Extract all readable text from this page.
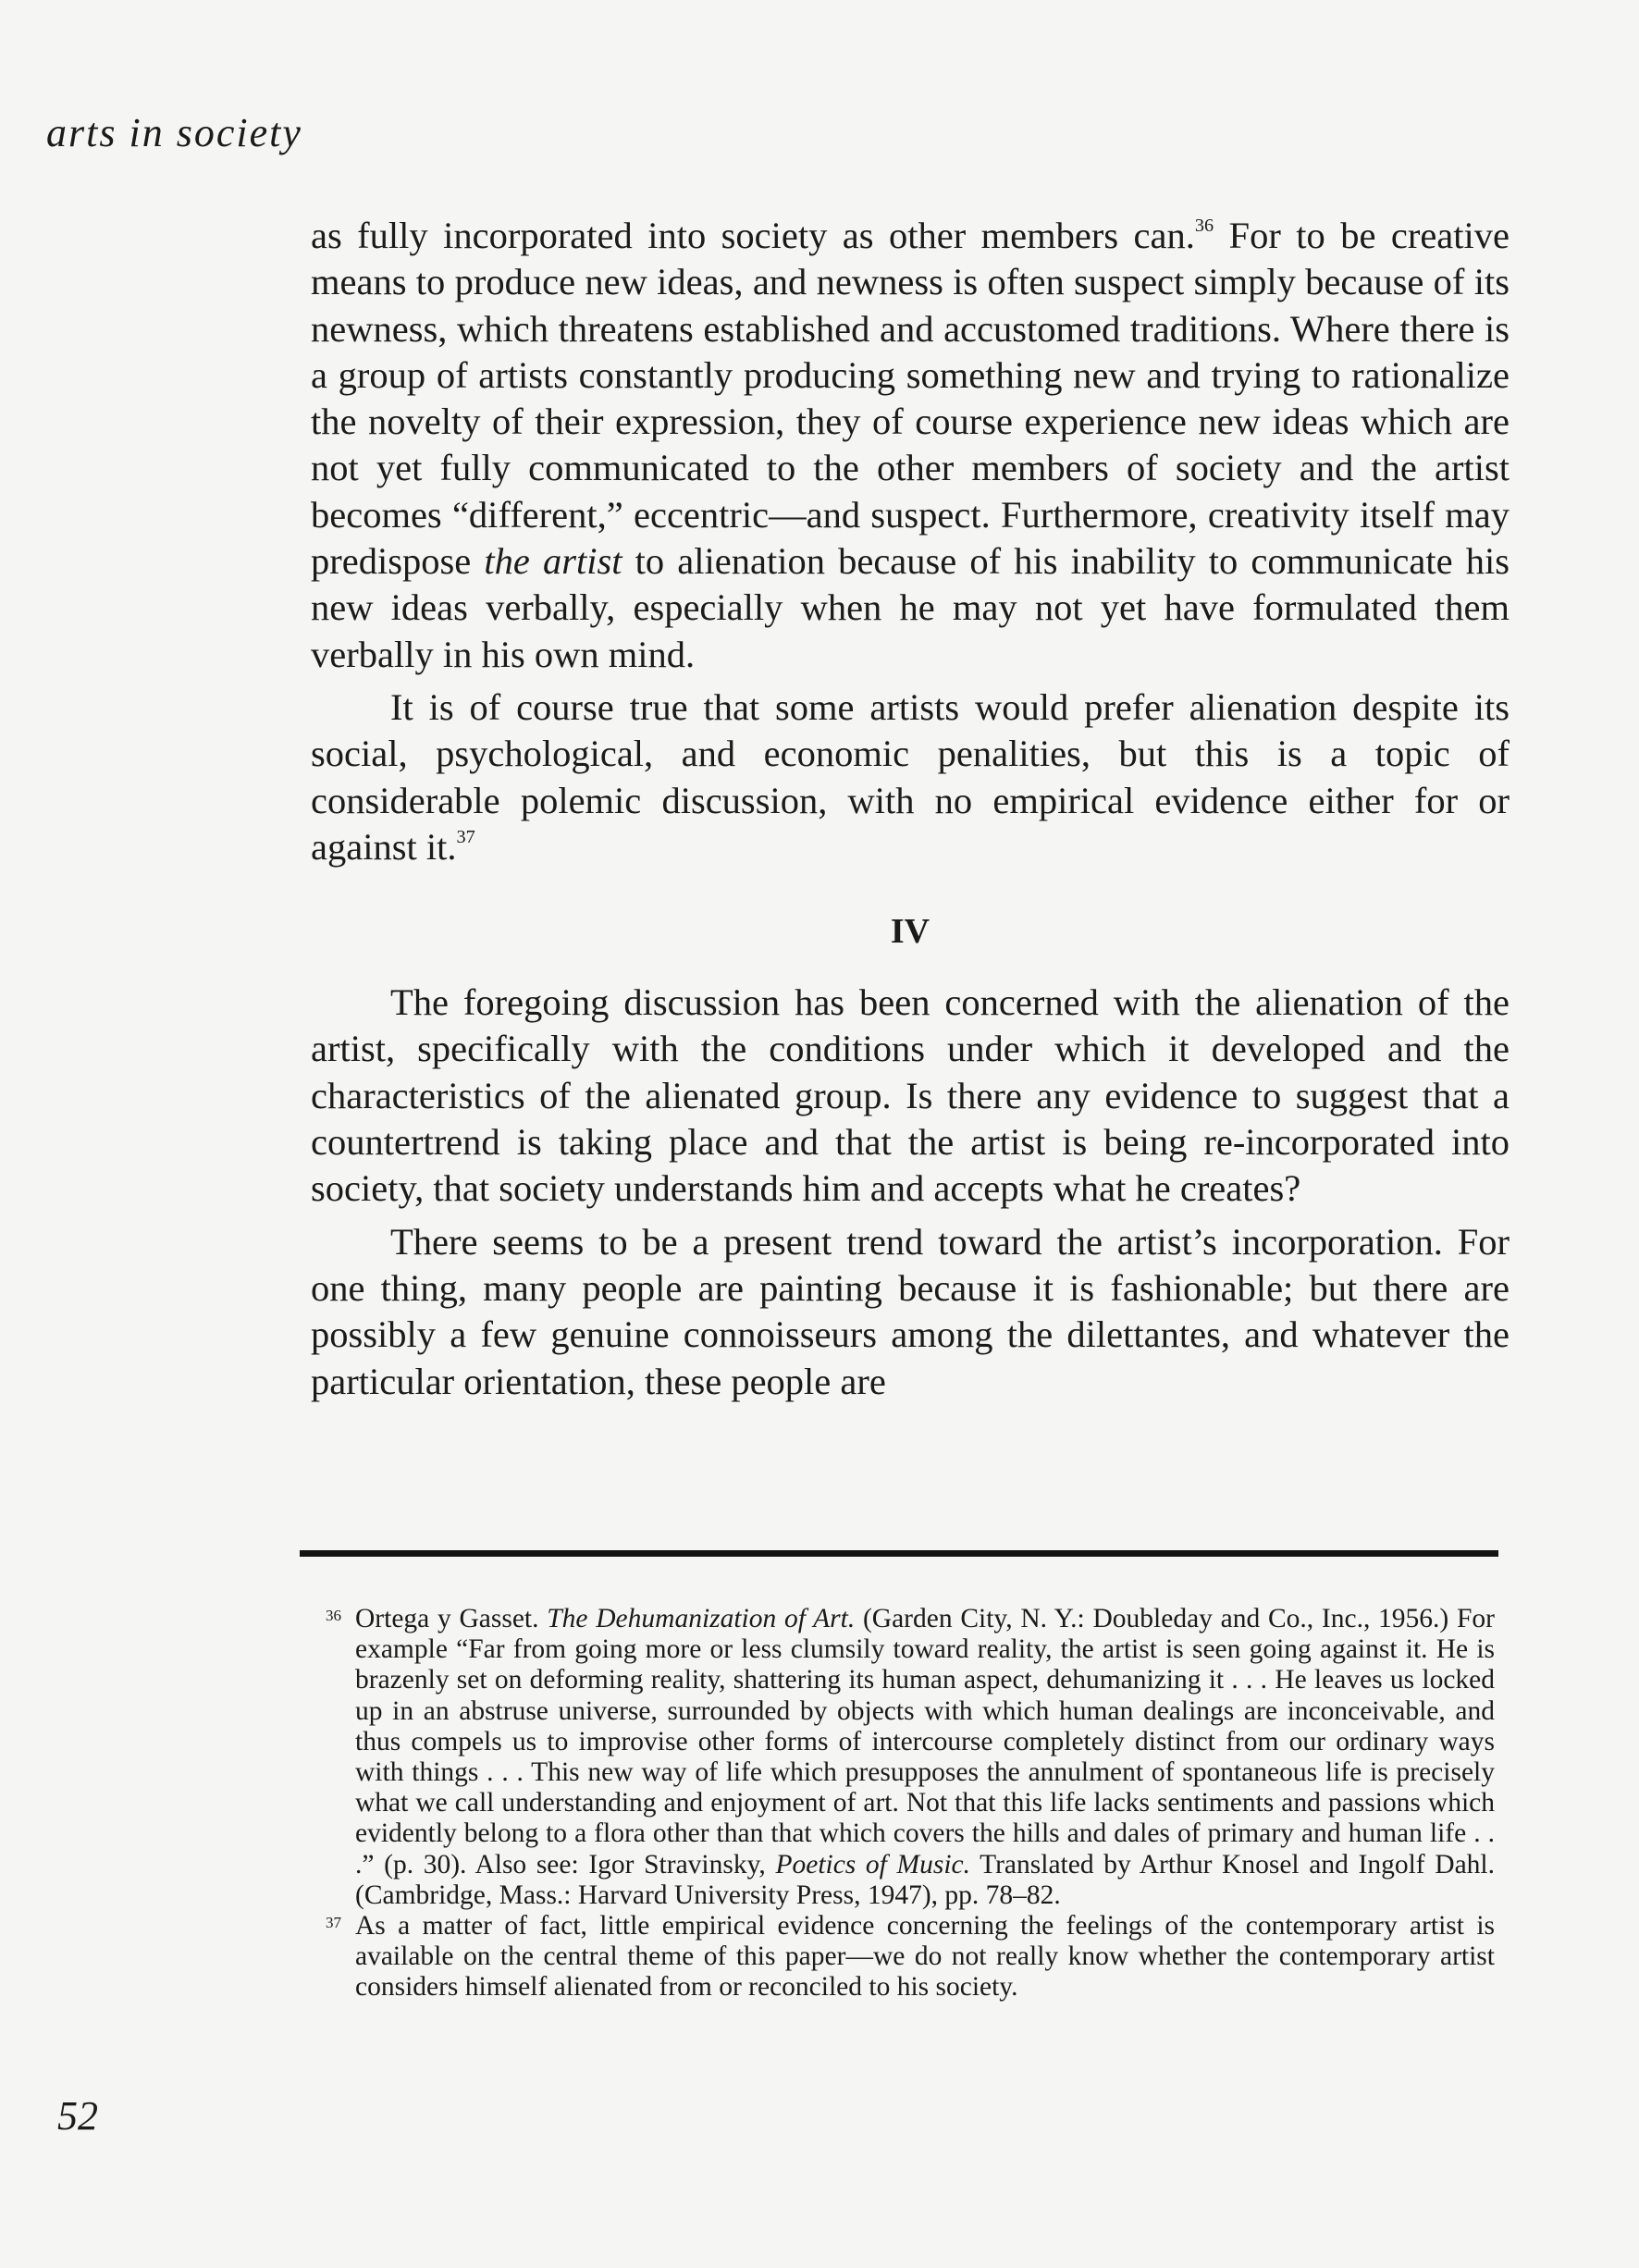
arts in society

as fully incorporated into society as other members can.$^{36}$ For to be creative means to produce new ideas, and newness is often suspect simply because of its newness, which threatens established and accustomed traditions. Where there is a group of artists constantly producing something new and trying to rationalize the novelty of their expression, they of course experience new ideas which are not yet fully communicated to the other members of society and the artist becomes “different,” eccentric—and suspect. Furthermore, creativity itself may predispose the artist to alienation because of his inability to communicate his new ideas verbally, especially when he may not yet have formulated them verbally in his own mind.

It is of course true that some artists would prefer alienation despite its social, psychological, and economic penalities, but this is a topic of considerable polemic discussion, with no empirical evidence either for or against it.$^{37}$

IV

The foregoing discussion has been concerned with the alienation of the artist, specifically with the conditions under which it developed and the characteristics of the alienated group. Is there any evidence to suggest that a countertrend is taking place and that the artist is being re-incorporated into society, that society understands him and accepts what he creates?

There seems to be a present trend toward the artist’s incorporation. For one thing, many people are painting because it is fashionable; but there are possibly a few genuine connoisseurs among the dilettantes, and whatever the particular orientation, these people are

36 Ortega y Gasset. The Dehumanization of Art. (Garden City, N. Y.: Doubleday and Co., Inc., 1956.) For example “Far from going more or less clumsily toward reality, the artist is seen going against it. He is brazenly set on deforming reality, shattering its human aspect, dehumanizing it . . . He leaves us locked up in an abstruse universe, surrounded by objects with which human dealings are inconceivable, and thus compels us to improvise other forms of intercourse completely distinct from our ordinary ways with things . . . This new way of life which presupposes the annulment of spontaneous life is precisely what we call understanding and enjoyment of art. Not that this life lacks sentiments and passions which evidently belong to a flora other than that which covers the hills and dales of primary and human life . . .” (p. 30). Also see: Igor Stravinsky, Poetics of Music. Translated by Arthur Knosel and Ingolf Dahl. (Cambridge, Mass.: Harvard University Press, 1947), pp. 78–82.

37 As a matter of fact, little empirical evidence concerning the feelings of the contemporary artist is available on the central theme of this paper—we do not really know whether the contemporary artist considers himself alienated from or reconciled to his society.

52
